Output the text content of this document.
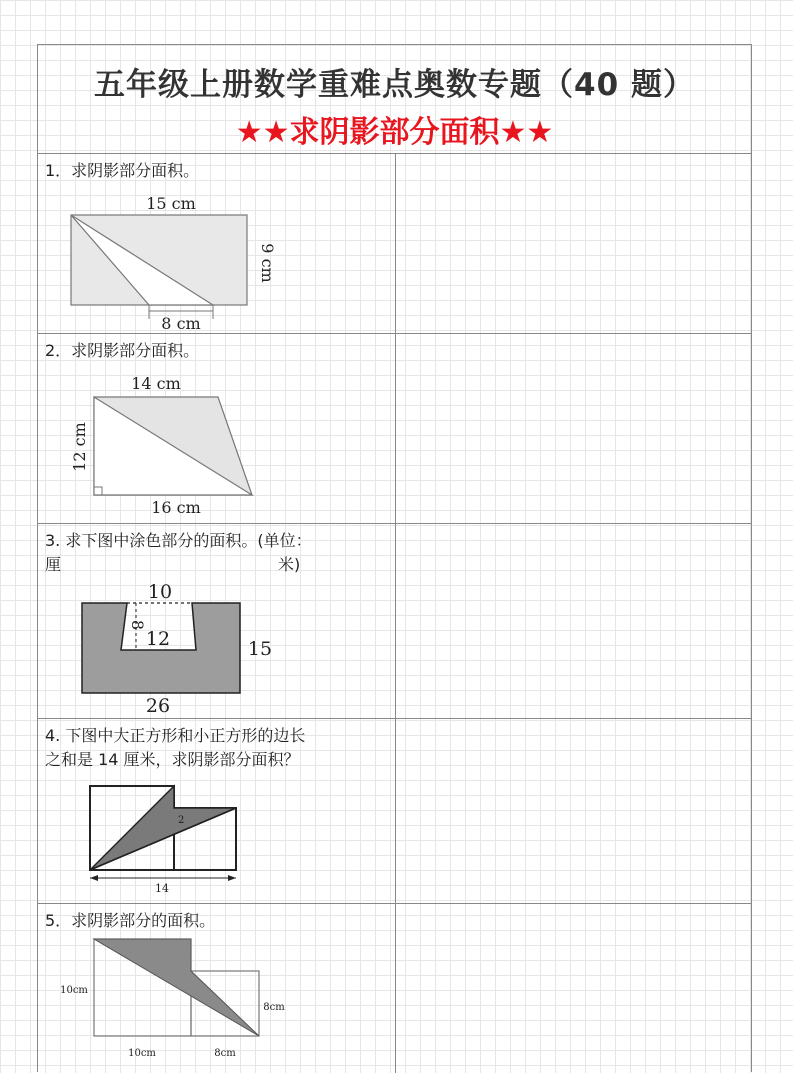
五年级上册数学重难点奥数专题（40 题）
★★求阴影部分面积★★
1．求阴影部分面积。
15 cm
9 cm
8 cm
2．求阴影部分面积。
14 cm
12 cm
16 cm
3. 求下图中涂色部分的面积。(单位：
厘	米)
10
8
12	15
26
4. 下图中大正方形和小正方形的边长
之和是 14 厘米，求阴影部分面积？
2
14
5．求阴影部分的面积。
10cm
8cm
10cm	8cm
